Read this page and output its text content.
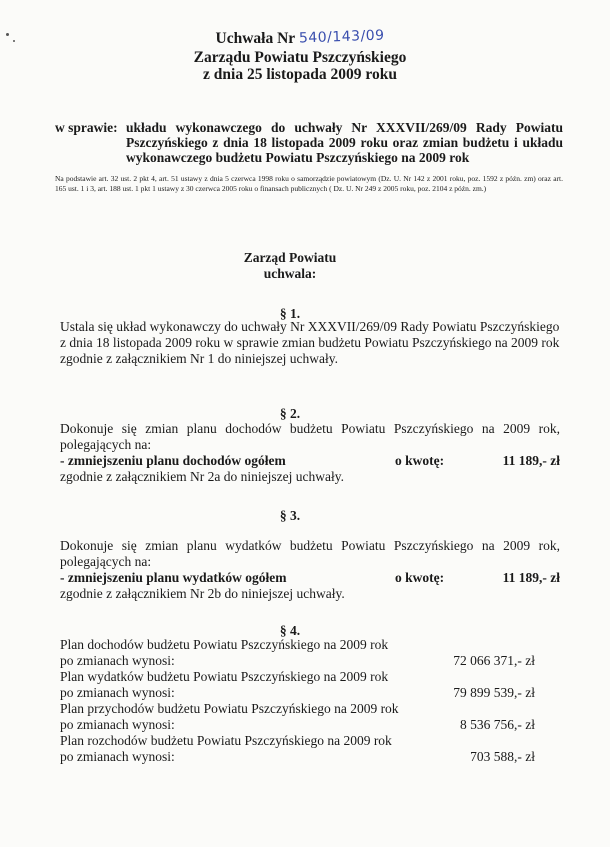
Uchwała Nr 540/143/09
Zarządu Powiatu Pszczyńskiego
z dnia 25 listopada 2009 roku
w sprawie: układu wykonawczego do uchwały Nr XXXVII/269/09 Rady Powiatu Pszczyńskiego z dnia 18 listopada 2009 roku oraz zmian budżetu i układu wykonawczego budżetu Powiatu Pszczyńskiego na 2009 rok
Na podstawie art. 32 ust. 2 pkt 4, art. 51 ustawy z dnia 5 czerwca 1998 roku o samorządzie powiatowym (Dz. U. Nr 142 z 2001 roku, poz. 1592 z późn. zm) oraz art. 165 ust. 1 i 3, art. 188 ust. 1 pkt 1 ustawy z 30 czerwca 2005 roku o finansach publicznych ( Dz. U. Nr 249 z 2005 roku, poz. 2104 z późn. zm.)
Zarząd Powiatu
uchwala:
§ 1.
Ustala się układ wykonawczy do uchwały Nr XXXVII/269/09 Rady Powiatu Pszczyńskiego z dnia 18 listopada 2009 roku w sprawie zmian budżetu Powiatu Pszczyńskiego na 2009 rok zgodnie z załącznikiem Nr 1 do niniejszej uchwały.
§ 2.
Dokonuje się zmian planu dochodów budżetu Powiatu Pszczyńskiego na 2009 rok, polegających na:
- zmniejszeniu planu dochodów ogółem	o kwotę:	11 189,- zł
zgodnie z załącznikiem Nr 2a do niniejszej uchwały.
§ 3.
Dokonuje się zmian planu wydatków budżetu Powiatu Pszczyńskiego na 2009 rok, polegających na:
- zmniejszeniu planu wydatków ogółem	o kwotę:	11 189,- zł
zgodnie z załącznikiem Nr 2b do niniejszej uchwały.
§ 4.
Plan dochodów budżetu Powiatu Pszczyńskiego na 2009 rok
po zmianach wynosi:	72 066 371,- zł
Plan wydatków budżetu Powiatu Pszczyńskiego na 2009 rok
po zmianach wynosi:	79 899 539,- zł
Plan przychodów budżetu Powiatu Pszczyńskiego na 2009 rok
po zmianach wynosi:	8 536 756,- zł
Plan rozchodów budżetu Powiatu Pszczyńskiego na 2009 rok
po zmianach wynosi:	703 588,- zł
